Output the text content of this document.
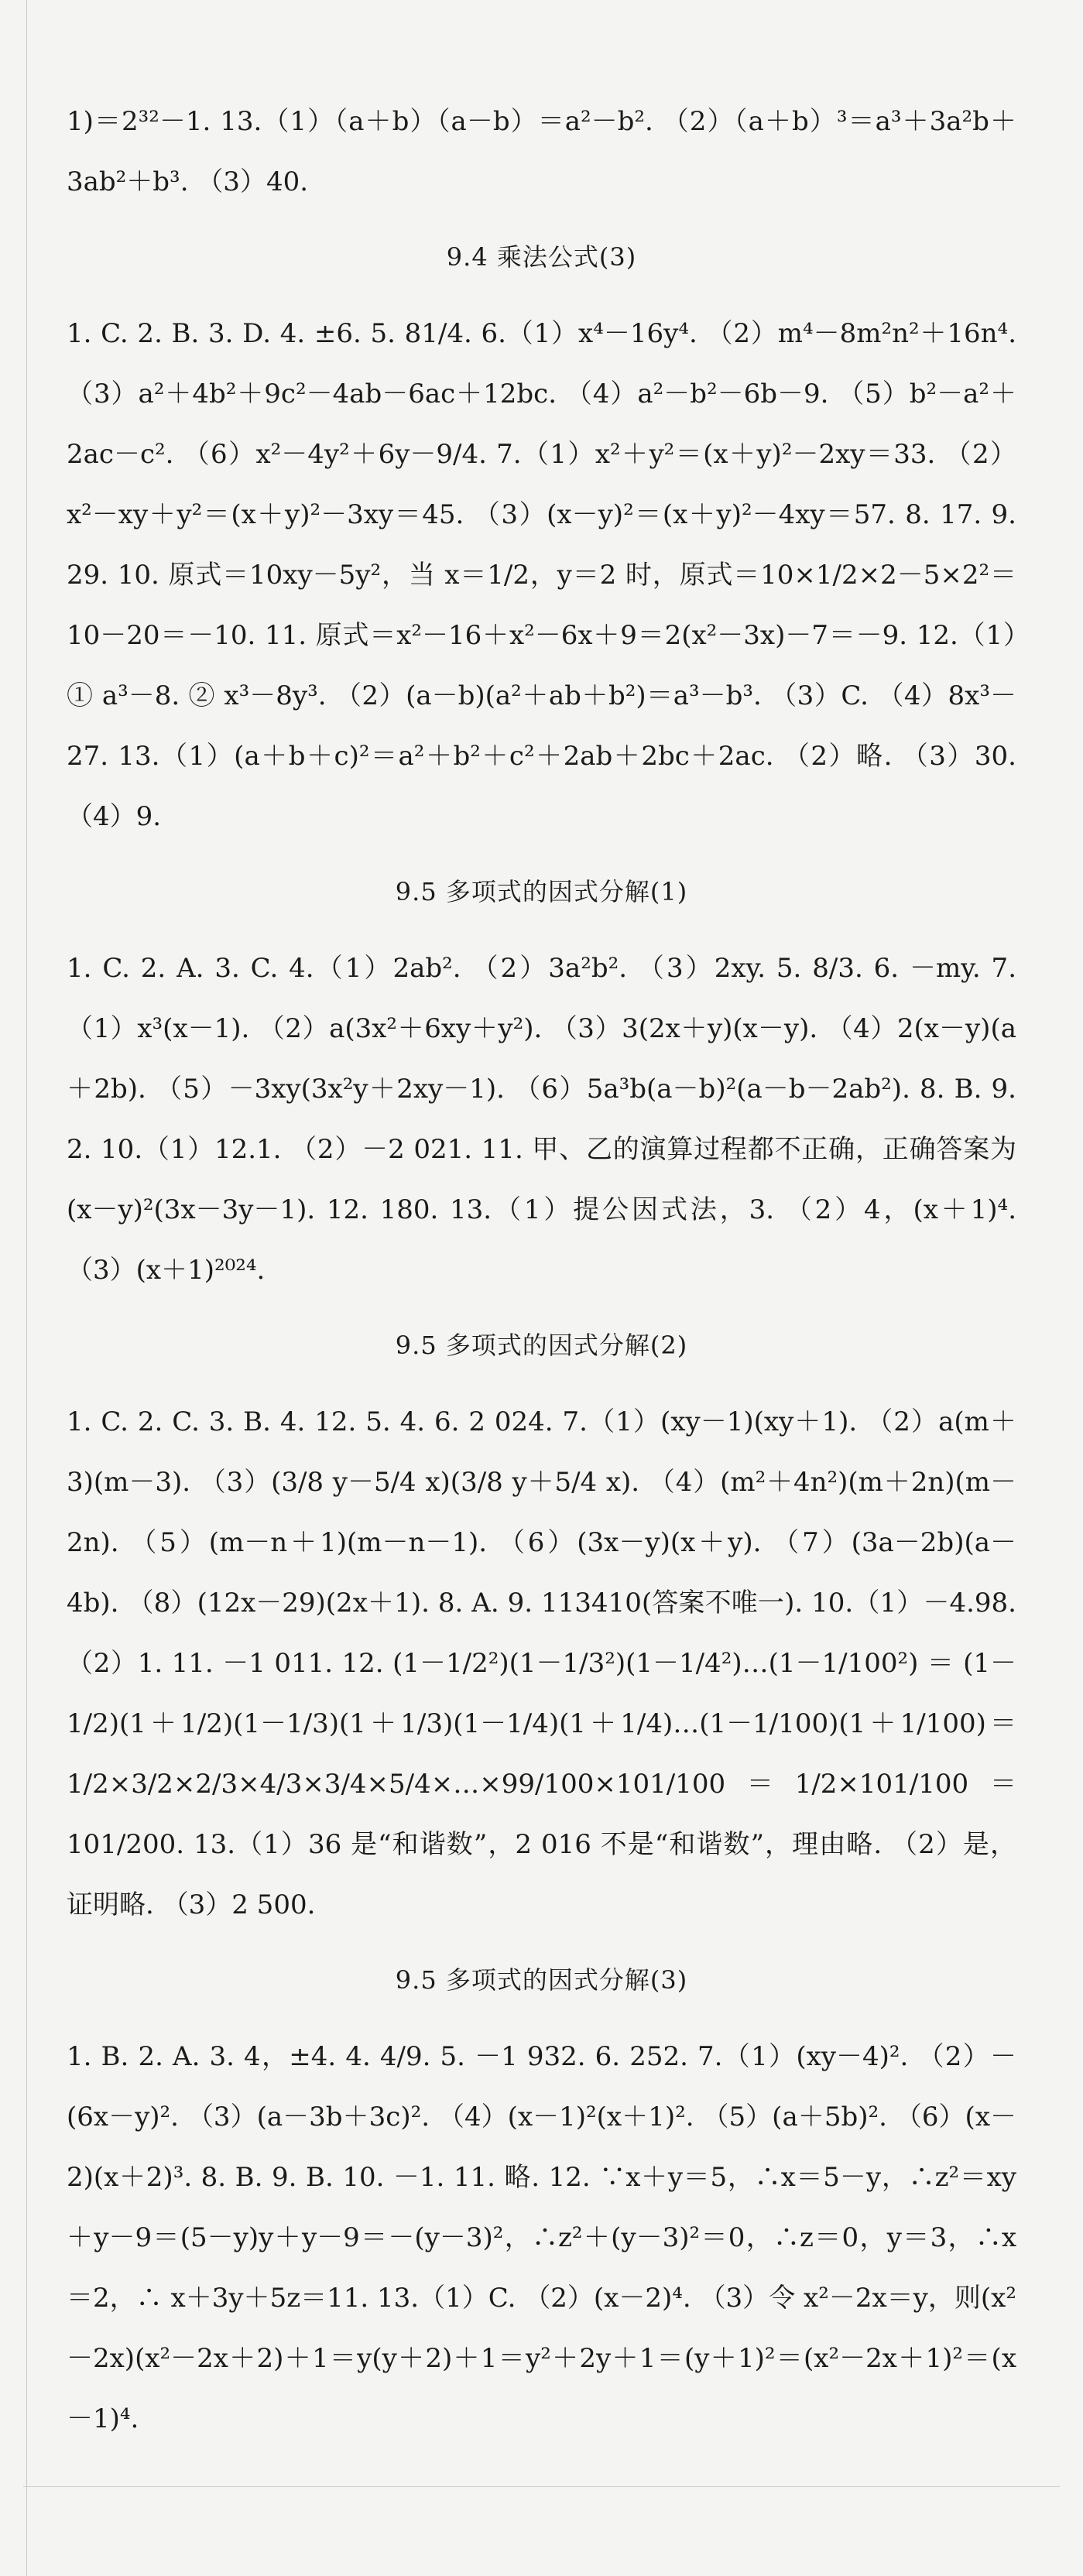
1)＝2³²－1. 13.（1）（a＋b）（a－b）＝a²－b². （2）（a＋b）³＝a³＋3a²b＋3ab²＋b³. （3）40.

9.4 乘法公式(3)

1. C. 2. B. 3. D. 4. ±6. 5. 81/4. 6.（1）x⁴－16y⁴. （2）m⁴－8m²n²＋16n⁴. （3）a²＋4b²＋9c²－4ab－6ac＋12bc. （4）a²－b²－6b－9. （5）b²－a²＋2ac－c². （6）x²－4y²＋6y－9/4. 7.（1）x²＋y²＝(x＋y)²－2xy＝33. （2）x²－xy＋y²＝(x＋y)²－3xy＝45. （3）(x－y)²＝(x＋y)²－4xy＝57. 8. 17. 9. 29. 10. 原式＝10xy－5y²，当 x＝1/2，y＝2 时，原式＝10×1/2×2－5×2²＝10－20＝－10. 11. 原式＝x²－16＋x²－6x＋9＝2(x²－3x)－7＝－9. 12.（1）① a³－8. ② x³－8y³. （2）(a－b)(a²＋ab＋b²)＝a³－b³. （3）C. （4）8x³－27. 13.（1）(a＋b＋c)²＝a²＋b²＋c²＋2ab＋2bc＋2ac. （2）略. （3）30. （4）9.

9.5 多项式的因式分解(1)

1. C. 2. A. 3. C. 4.（1）2ab². （2）3a²b². （3）2xy. 5. 8/3. 6. －my. 7.（1）x³(x－1). （2）a(3x²＋6xy＋y²). （3）3(2x＋y)(x－y). （4）2(x－y)(a＋2b). （5）－3xy(3x²y＋2xy－1). （6）5a³b(a－b)²(a－b－2ab²). 8. B. 9. 2. 10.（1）12.1. （2）－2 021. 11. 甲、乙的演算过程都不正确，正确答案为(x－y)²(3x－3y－1). 12. 180. 13.（1）提公因式法，3. （2）4，(x＋1)⁴. （3）(x＋1)²⁰²⁴.

9.5 多项式的因式分解(2)

1. C. 2. C. 3. B. 4. 12. 5. 4. 6. 2 024. 7.（1）(xy－1)(xy＋1). （2）a(m＋3)(m－3). （3）(3/8 y－5/4 x)(3/8 y＋5/4 x). （4）(m²＋4n²)(m＋2n)(m－2n). （5）(m－n＋1)(m－n－1). （6）(3x－y)(x＋y). （7）(3a－2b)(a－4b). （8）(12x－29)(2x＋1). 8. A. 9. 113410(答案不唯一). 10.（1）－4.98. （2）1. 11. －1 011. 12. (1－1/2²)(1－1/3²)(1－1/4²)…(1－1/100²) ＝ (1－1/2)(1＋1/2)(1－1/3)(1＋1/3)(1－1/4)(1＋1/4)…(1－1/100)(1＋1/100)＝1/2×3/2×2/3×4/3×3/4×5/4×…×99/100×101/100＝1/2×101/100＝101/200. 13.（1）36 是“和谐数”，2 016 不是“和谐数”，理由略. （2）是，证明略. （3）2 500.

9.5 多项式的因式分解(3)

1. B. 2. A. 3. 4，±4. 4. 4/9. 5. －1 932. 6. 252. 7.（1）(xy－4)². （2）－(6x－y)². （3）(a－3b＋3c)². （4）(x－1)²(x＋1)². （5）(a＋5b)². （6）(x－2)(x＋2)³. 8. B. 9. B. 10. －1. 11. 略. 12. ∵x＋y＝5，∴x＝5－y，∴z²＝xy＋y－9＝(5－y)y＋y－9＝－(y－3)²，∴z²＋(y－3)²＝0，∴z＝0，y＝3，∴x＝2，∴ x＋3y＋5z＝11. 13.（1）C. （2）(x－2)⁴. （3）令 x²－2x＝y，则(x²－2x)(x²－2x＋2)＋1＝y(y＋2)＋1＝y²＋2y＋1＝(y＋1)²＝(x²－2x＋1)²＝(x－1)⁴.
